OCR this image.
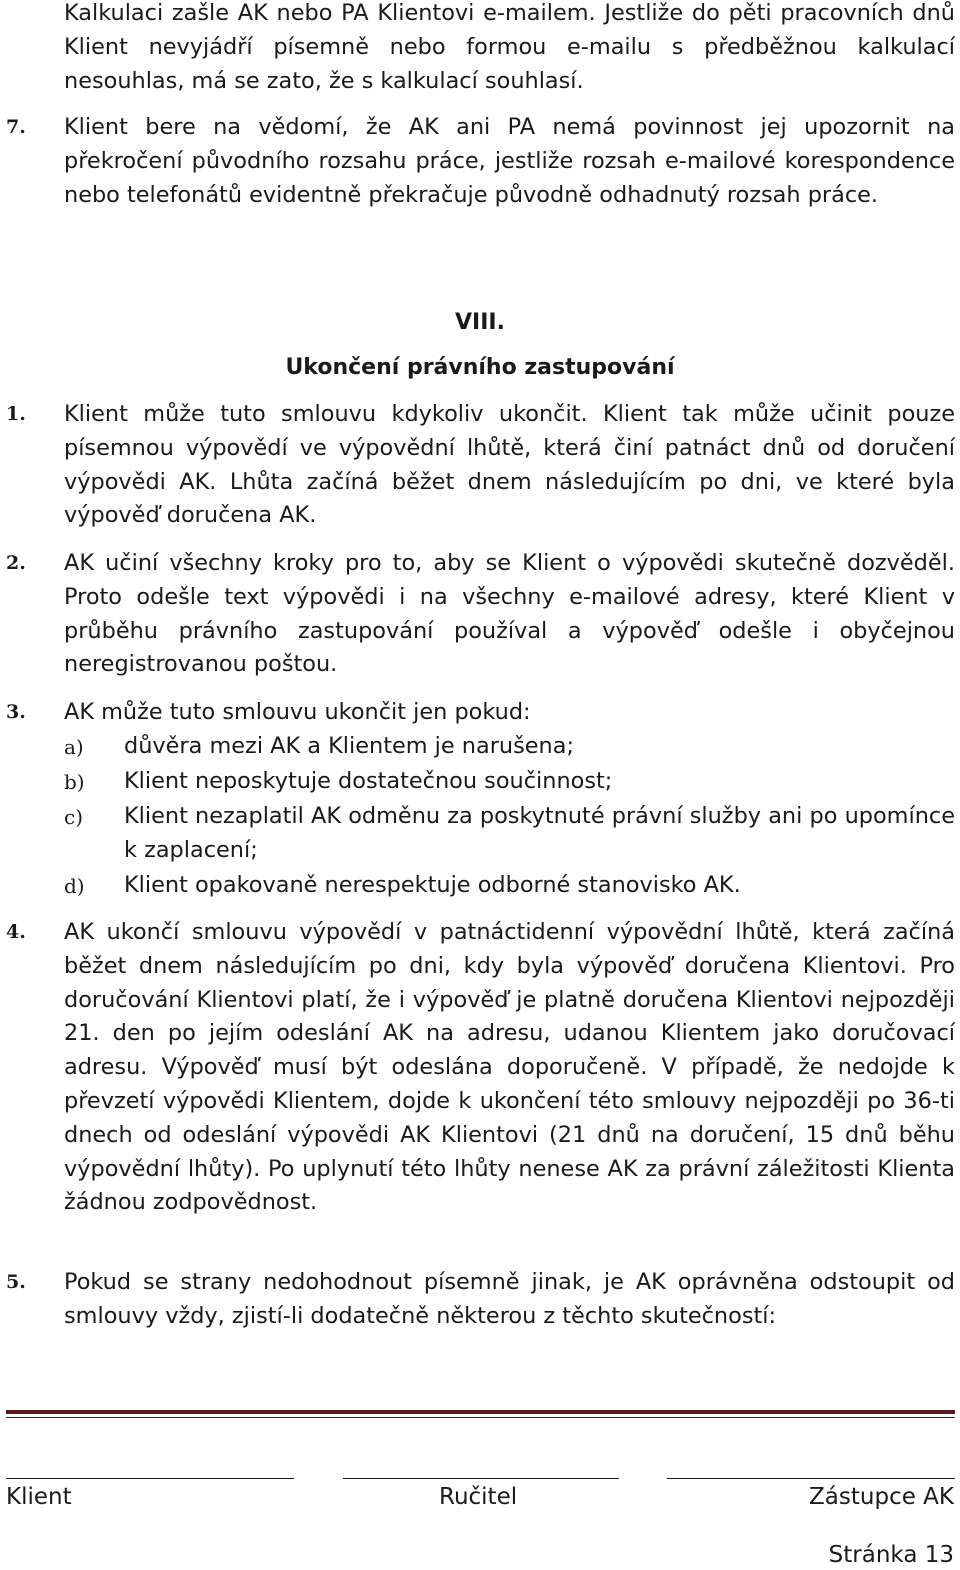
Kalkulaci zašle AK nebo PA Klientovi e-mailem. Jestliže do pěti pracovních dnů Klient nevyjádří písemně nebo formou e-mailu s předběžnou kalkulací nesouhlas, má se zato, že s kalkulací souhlasí.
7. Klient bere na vědomí, že AK ani PA nemá povinnost jej upozornit na překročení původního rozsahu práce, jestliže rozsah e-mailové korespondence nebo telefonátů evidentně překračuje původně odhadnutý rozsah práce.
VIII.
Ukončení právního zastupování
1. Klient může tuto smlouvu kdykoliv ukončit. Klient tak může učinit pouze písemnou výpovědí ve výpovědní lhůtě, která činí patnáct dnů od doručení výpovědi AK. Lhůta začíná běžet dnem následujícím po dni, ve které byla výpověď doručena AK.
2. AK učiní všechny kroky pro to, aby se Klient o výpovědi skutečně dozvěděl. Proto odešle text výpovědi i na všechny e-mailové adresy, které Klient v průběhu právního zastupování používal a výpověď odešle i obyčejnou neregistrovanou poštou.
3. AK může tuto smlouvu ukončit jen pokud:
a) důvěra mezi AK a Klientem je narušena;
b) Klient neposkytuje dostatečnou součinnost;
c) Klient nezaplatil AK odměnu za poskytnuté právní služby ani po upomínce k zaplacení;
d) Klient opakovaně nerespektuje odborné stanovisko AK.
4. AK ukončí smlouvu výpovědí v patnáctidenní výpovědní lhůtě, která začíná běžet dnem následujícím po dni, kdy byla výpověď doručena Klientovi. Pro doručování Klientovi platí, že i výpověď je platně doručena Klientovi nejpozději 21. den po jejím odeslání AK na adresu, udanou Klientem jako doručovací adresu. Výpověď musí být odeslána doporučeně. V případě, že nedojde k převzetí výpovědi Klientem, dojde k ukončení této smlouvy nejpozději po 36-ti dnech od odeslání výpovědi AK Klientovi (21 dnů na doručení, 15 dnů běhu výpovědní lhůty). Po uplynutí této lhůty nenese AK za právní záležitosti Klienta žádnou zodpovědnost.
5. Pokud se strany nedohodnout písemně jinak, je AK oprávněna odstoupit od smlouvy vždy, zjistí-li dodatečně některou z těchto skutečností:
Klient	Ručitel	Zástupce AK
Stránka 13
